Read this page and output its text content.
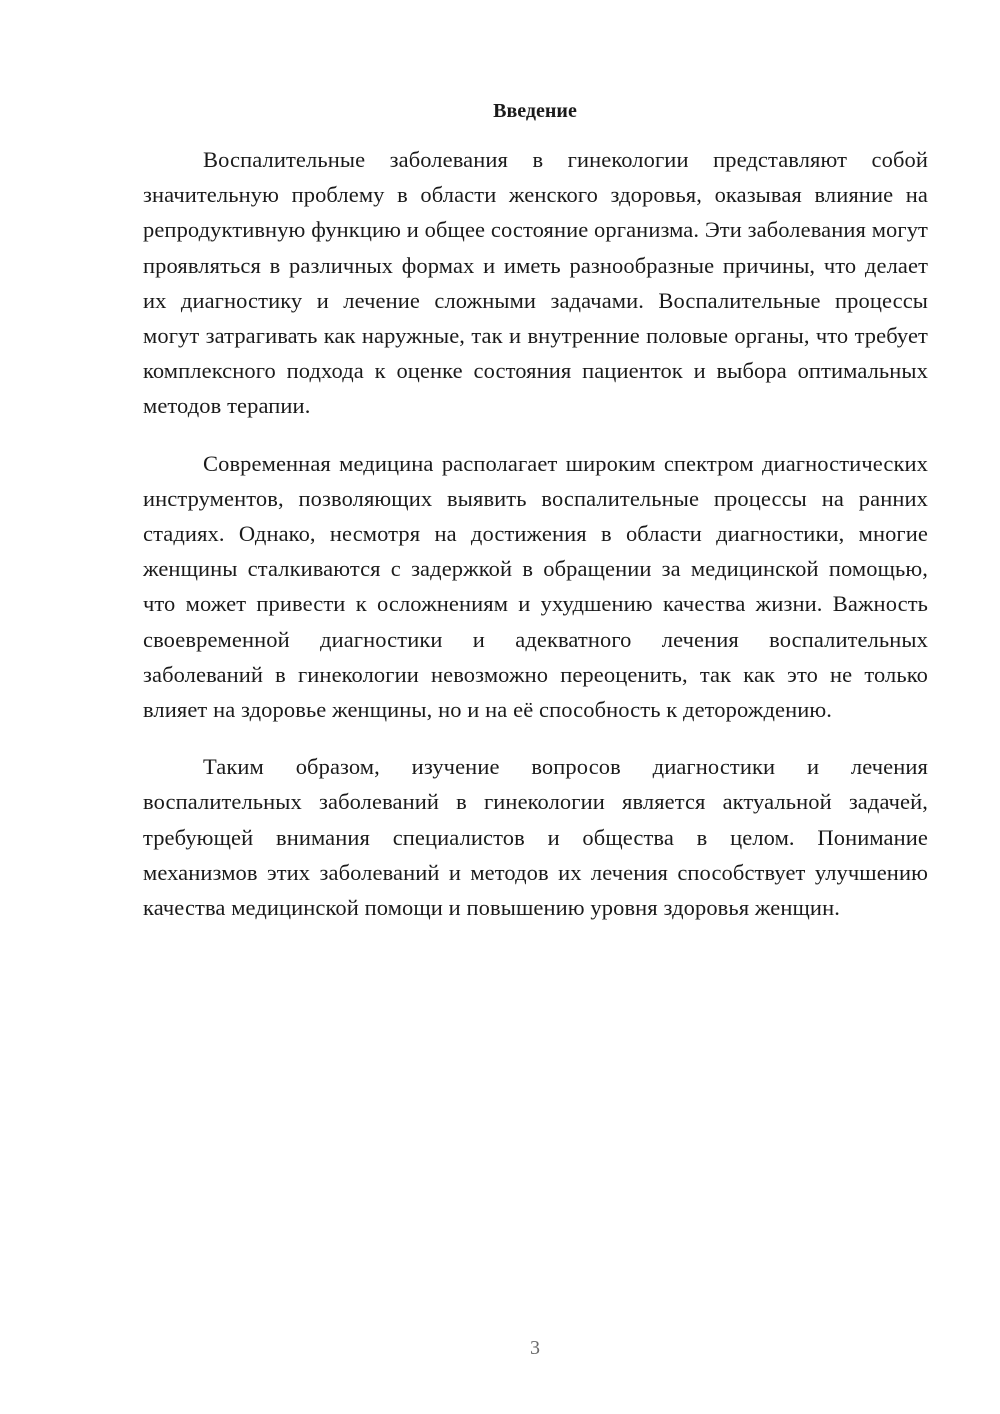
Введение

Воспалительные заболевания в гинекологии представляют собой значительную проблему в области женского здоровья, оказывая влияние на репродуктивную функцию и общее состояние организма. Эти заболевания могут проявляться в различных формах и иметь разнообразные причины, что делает их диагностику и лечение сложными задачами. Воспалительные процессы могут затрагивать как наружные, так и внутренние половые органы, что требует комплексного подхода к оценке состояния пациенток и выбора оптимальных методов терапии.

Современная медицина располагает широким спектром диагностических инструментов, позволяющих выявить воспалительные процессы на ранних стадиях. Однако, несмотря на достижения в области диагностики, многие женщины сталкиваются с задержкой в обращении за медицинской помощью, что может привести к осложнениям и ухудшению качества жизни. Важность своевременной диагностики и адекватного лечения воспалительных заболеваний в гинекологии невозможно переоценить, так как это не только влияет на здоровье женщины, но и на её способность к деторождению.

Таким образом, изучение вопросов диагностики и лечения воспалительных заболеваний в гинекологии является актуальной задачей, требующей внимания специалистов и общества в целом. Понимание механизмов этих заболеваний и методов их лечения способствует улучшению качества медицинской помощи и повышению уровня здоровья женщин.

3
